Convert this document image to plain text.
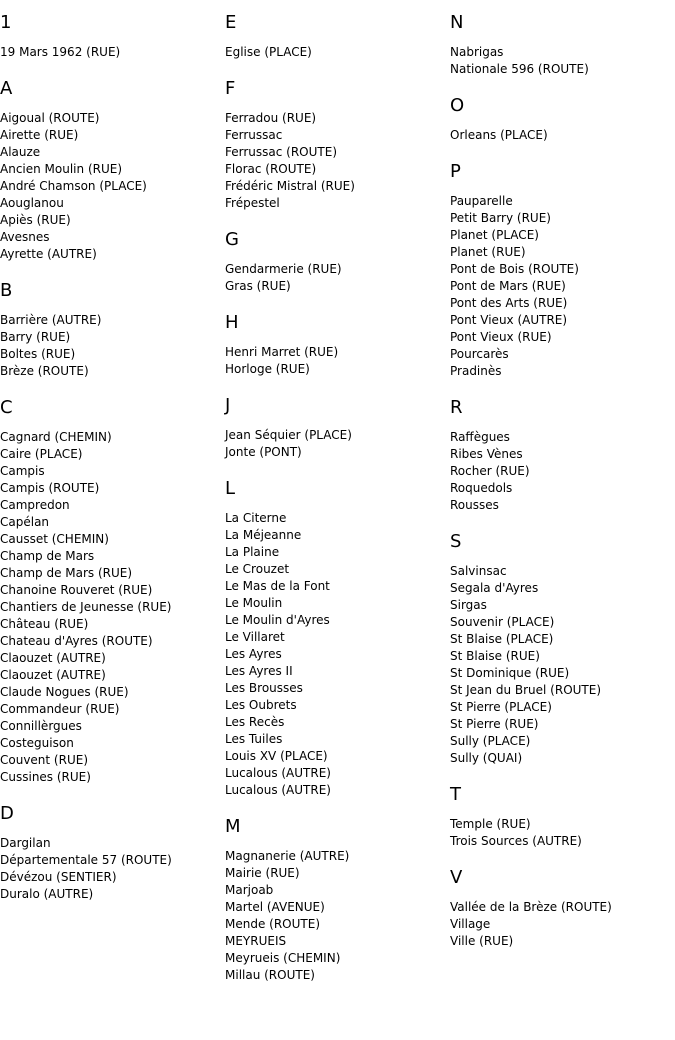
1
19 Mars 1962 (RUE)
A
Aigoual (ROUTE)
Airette (RUE)
Alauze
Ancien Moulin (RUE)
André Chamson (PLACE)
Aouglanou
Apiès (RUE)
Avesnes
Ayrette (AUTRE)
B
Barrière (AUTRE)
Barry (RUE)
Boltes (RUE)
Brèze (ROUTE)
C
Cagnard (CHEMIN)
Caire (PLACE)
Campis
Campis (ROUTE)
Campredon
Capélan
Causset (CHEMIN)
Champ de Mars
Champ de Mars (RUE)
Chanoine Rouveret (RUE)
Chantiers de Jeunesse (RUE)
Château (RUE)
Chateau d'Ayres (ROUTE)
Claouzet (AUTRE)
Claouzet (AUTRE)
Claude Nogues (RUE)
Commandeur (RUE)
Connillèrgues
Costeguison
Couvent (RUE)
Cussines (RUE)
D
Dargilan
Départementale 57 (ROUTE)
Dévézou (SENTIER)
Duralo (AUTRE)
E
Eglise (PLACE)
F
Ferradou (RUE)
Ferrussac
Ferrussac (ROUTE)
Florac (ROUTE)
Frédéric Mistral (RUE)
Frépestel
G
Gendarmerie (RUE)
Gras (RUE)
H
Henri Marret (RUE)
Horloge (RUE)
J
Jean Séquier (PLACE)
Jonte (PONT)
L
La Citerne
La Méjeanne
La Plaine
Le Crouzet
Le Mas de la Font
Le Moulin
Le Moulin d'Ayres
Le Villaret
Les Ayres
Les Ayres II
Les Brousses
Les Oubrets
Les Recès
Les Tuiles
Louis XV (PLACE)
Lucalous (AUTRE)
Lucalous (AUTRE)
M
Magnanerie (AUTRE)
Mairie (RUE)
Marjoab
Martel (AVENUE)
Mende (ROUTE)
MEYRUEIS
Meyrueis (CHEMIN)
Millau (ROUTE)
N
Nabrigas
Nationale 596 (ROUTE)
O
Orleans (PLACE)
P
Pauparelle
Petit Barry (RUE)
Planet (PLACE)
Planet (RUE)
Pont de Bois (ROUTE)
Pont de Mars (RUE)
Pont des Arts (RUE)
Pont Vieux (AUTRE)
Pont Vieux (RUE)
Pourcarès
Pradinès
R
Raffègues
Ribes Vènes
Rocher (RUE)
Roquedols
Rousses
S
Salvinsac
Segala d'Ayres
Sirgas
Souvenir (PLACE)
St Blaise (PLACE)
St Blaise (RUE)
St Dominique (RUE)
St Jean du Bruel (ROUTE)
St Pierre (PLACE)
St Pierre (RUE)
Sully (PLACE)
Sully (QUAI)
T
Temple (RUE)
Trois Sources (AUTRE)
V
Vallée de la Brèze (ROUTE)
Village
Ville (RUE)
